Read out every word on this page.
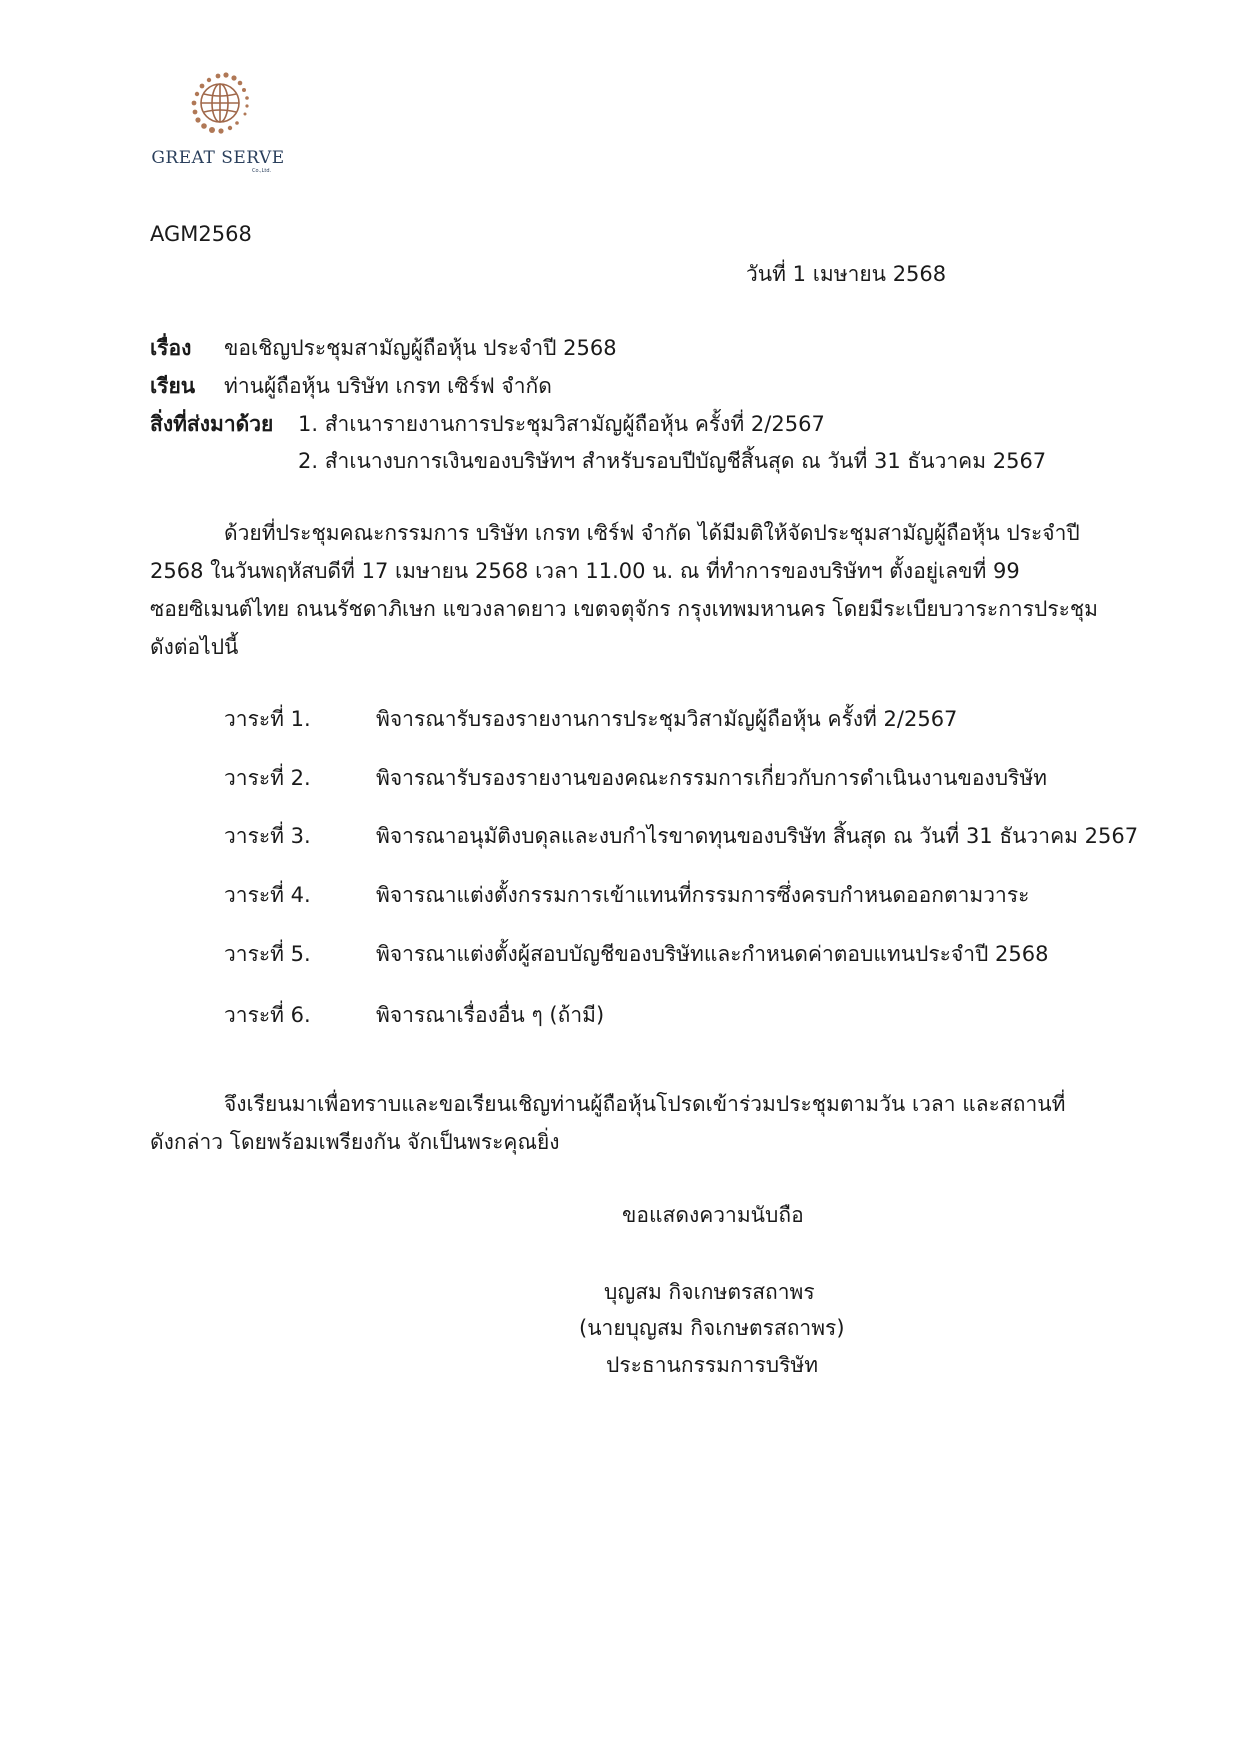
GREAT SERVE
Co.,Ltd.
AGM2568
วันที่ 1 เมษายน 2568
เรื่อง ขอเชิญประชุมสามัญผู้ถือหุ้น ประจำปี 2568
เรียน ท่านผู้ถือหุ้น บริษัท เกรท เซิร์ฟ จำกัด
สิ่งที่ส่งมาด้วย 1. สำเนารายงานการประชุมวิสามัญผู้ถือหุ้น ครั้งที่ 2/2567
2. สำเนางบการเงินของบริษัทฯ สำหรับรอบปีบัญชีสิ้นสุด ณ วันที่ 31 ธันวาคม 2567
ด้วยที่ประชุมคณะกรรมการ บริษัท เกรท เซิร์ฟ จำกัด ได้มีมติให้จัดประชุมสามัญผู้ถือหุ้น ประจำปี
2568 ในวันพฤหัสบดีที่ 17 เมษายน 2568 เวลา 11.00 น. ณ ที่ทำการของบริษัทฯ ตั้งอยู่เลขที่ 99
ซอยซิเมนต์ไทย ถนนรัชดาภิเษก แขวงลาดยาว เขตจตุจักร กรุงเทพมหานคร โดยมีระเบียบวาระการประชุม
ดังต่อไปนี้
วาระที่ 1.	พิจารณารับรองรายงานการประชุมวิสามัญผู้ถือหุ้น ครั้งที่ 2/2567
วาระที่ 2.	พิจารณารับรองรายงานของคณะกรรมการเกี่ยวกับการดำเนินงานของบริษัท
วาระที่ 3.	พิจารณาอนุมัติงบดุลและงบกำไรขาดทุนของบริษัท สิ้นสุด ณ วันที่ 31 ธันวาคม 2567
วาระที่ 4.	พิจารณาแต่งตั้งกรรมการเข้าแทนที่กรรมการซึ่งครบกำหนดออกตามวาระ
วาระที่ 5.	พิจารณาแต่งตั้งผู้สอบบัญชีของบริษัทและกำหนดค่าตอบแทนประจำปี 2568
วาระที่ 6.	พิจารณาเรื่องอื่น ๆ (ถ้ามี)
จึงเรียนมาเพื่อทราบและขอเรียนเชิญท่านผู้ถือหุ้นโปรดเข้าร่วมประชุมตามวัน เวลา และสถานที่
ดังกล่าว โดยพร้อมเพรียงกัน จักเป็นพระคุณยิ่ง
ขอแสดงความนับถือ
บุญสม กิจเกษตรสถาพร
(นายบุญสม กิจเกษตรสถาพร)
ประธานกรรมการบริษัท
